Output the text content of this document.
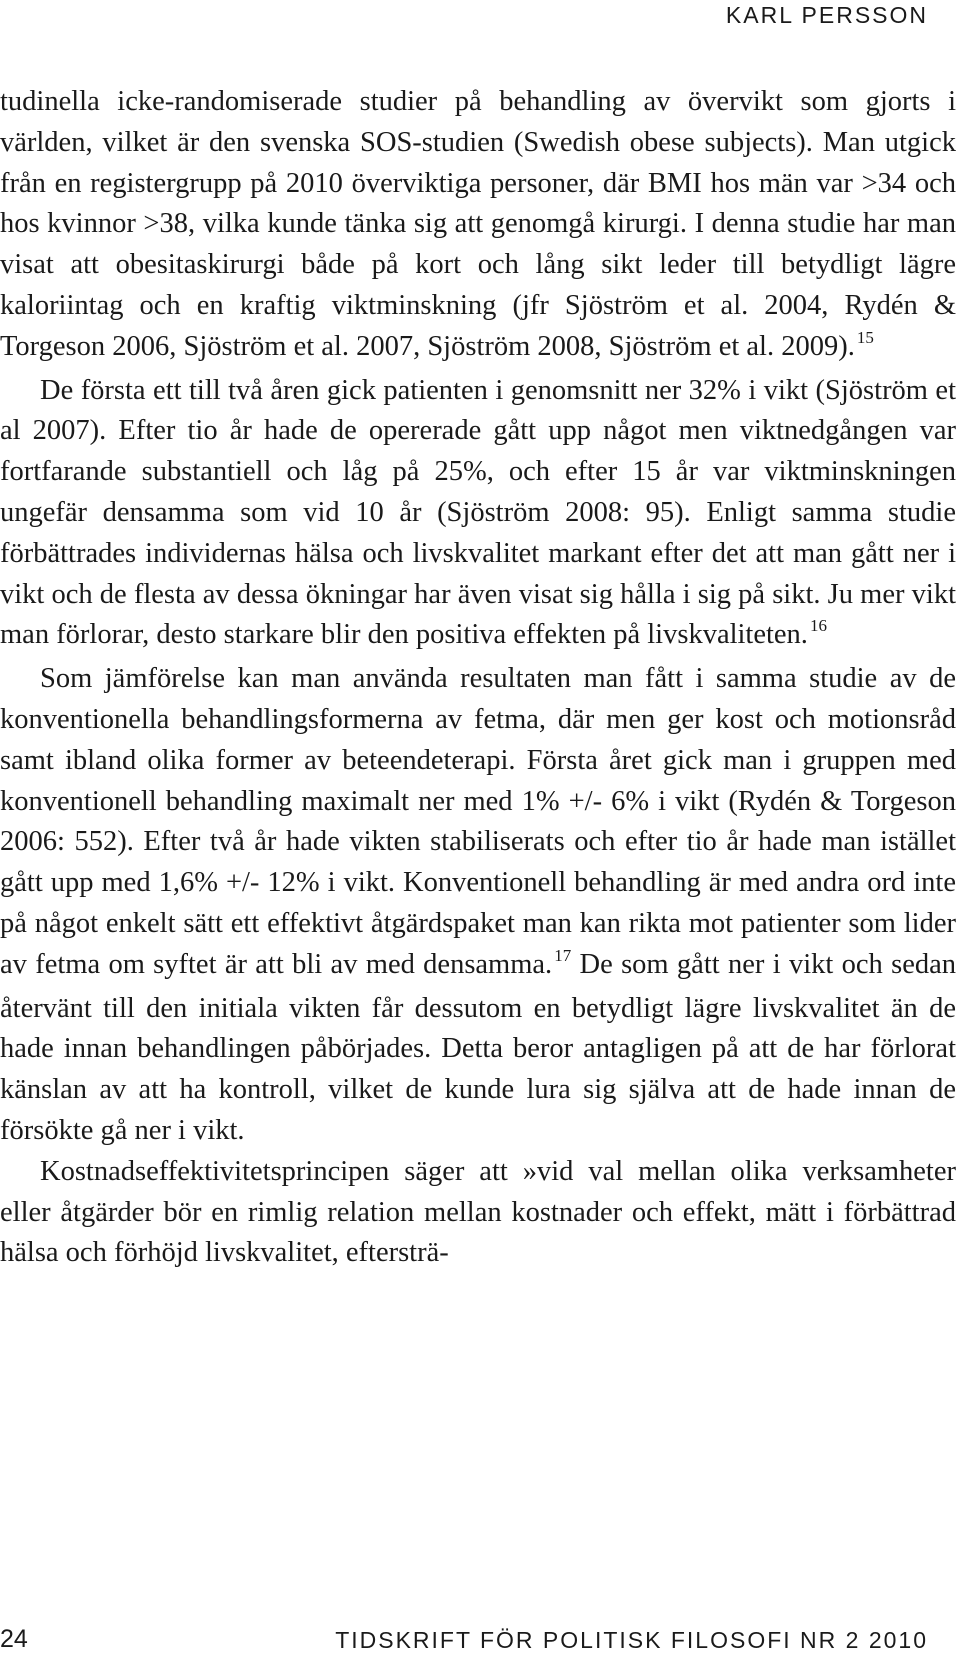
KARL PERSSON

tudinella icke-randomiserade studier på behandling av övervikt som gjorts i världen, vilket är den svenska SOS-studien (Swedish obese subjects). Man utgick från en registergrupp på 2010 överviktiga personer, där BMI hos män var >34 och hos kvinnor >38, vilka kunde tänka sig att genomgå kirurgi. I denna studie har man visat att obesitaskirurgi både på kort och lång sikt leder till betydligt lägre kaloriintag och en kraftig viktminskning (jfr Sjöström et al. 2004, Rydén & Torgeson 2006, Sjöström et al. 2007, Sjöström 2008, Sjöström et al. 2009). $^{15}$

De första ett till två åren gick patienten i genomsnitt ner 32% i vikt (Sjöström et al 2007). Efter tio år hade de opererade gått upp något men viktnedgången var fortfarande substantiell och låg på 25%, och efter 15 år var viktminskningen ungefär densamma som vid 10 år (Sjöström 2008: 95). Enligt samma studie förbättrades individernas hälsa och livskvalitet markant efter det att man gått ner i vikt och de flesta av dessa ökningar har även visat sig hålla i sig på sikt. Ju mer vikt man förlorar, desto starkare blir den positiva effekten på livskvaliteten. $^{16}$

Som jämförelse kan man använda resultaten man fått i samma studie av de konventionella behandlingsformerna av fetma, där men ger kost och motionsråd samt ibland olika former av beteendeterapi. Första året gick man i gruppen med konventionell behandling maximalt ner med 1% +/- 6% i vikt (Rydén & Torgeson 2006: 552). Efter två år hade vikten stabiliserats och efter tio år hade man istället gått upp med 1,6% +/- 12% i vikt. Konventionell behandling är med andra ord inte på något enkelt sätt ett effektivt åtgärdspaket man kan rikta mot patienter som lider av fetma om syftet är att bli av med densamma. $^{17}$ De som gått ner i vikt och sedan återvänt till den initiala vikten får dessutom en betydligt lägre livskvalitet än de hade innan behandlingen påbörjades. Detta beror antagligen på att de har förlorat känslan av att ha kontroll, vilket de kunde lura sig själva att de hade innan de försökte gå ner i vikt.

Kostnadseffektivitetsprincipen säger att »vid val mellan olika verksamheter eller åtgärder bör en rimlig relation mellan kostnader och effekt, mätt i förbättrad hälsa och förhöjd livskvalitet, eftersträ-

24	TIDSKRIFT FÖR POLITISK FILOSOFI NR 2 2010
